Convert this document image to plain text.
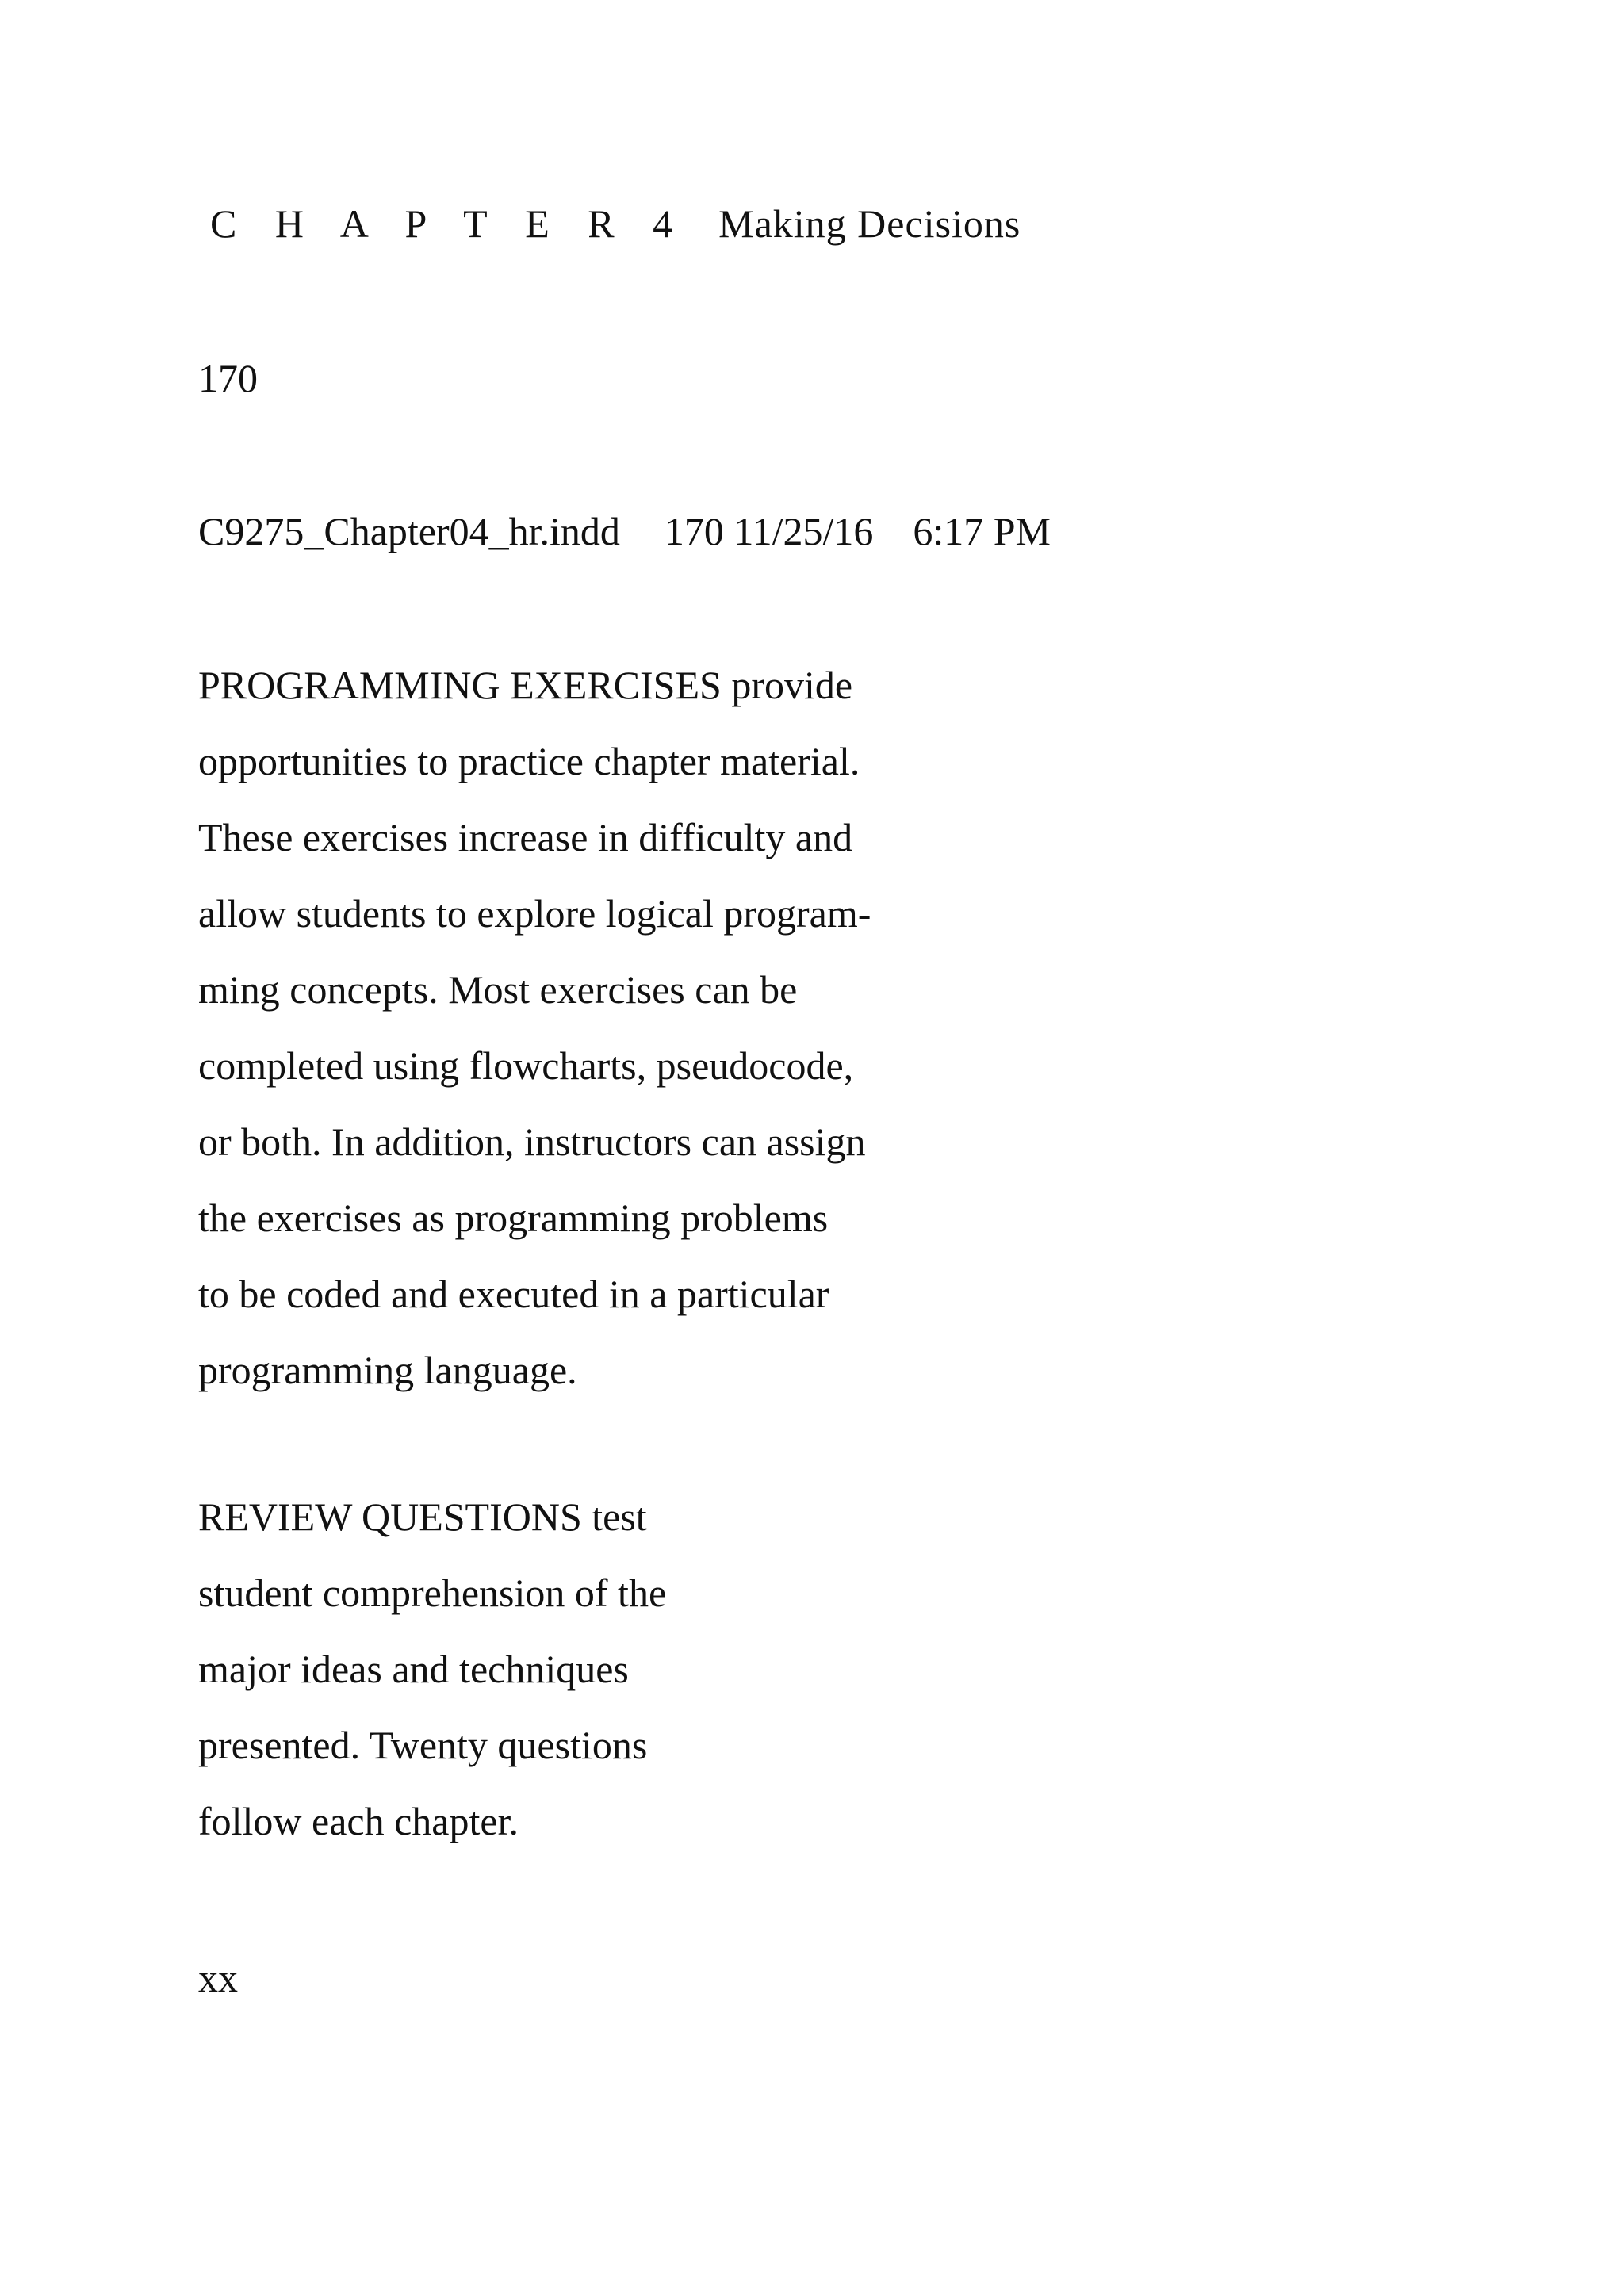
C H A P T E R 4 Making Decisions

170

C9275_Chapter04_hr.indd 170 11/25/16 6:17 PM

PROGRAMMING EXERCISES provide
opportunities to practice chapter material.
These exercises increase in difficulty and
allow students to explore logical program-
ming concepts. Most exercises can be
completed using flowcharts, pseudocode,
or both. In addition, instructors can assign
the exercises as programming problems
to be coded and executed in a particular
programming language.
REVIEW QUESTIONS test
student comprehension of the
major ideas and techniques
presented. Twenty questions
follow each chapter.

xx
